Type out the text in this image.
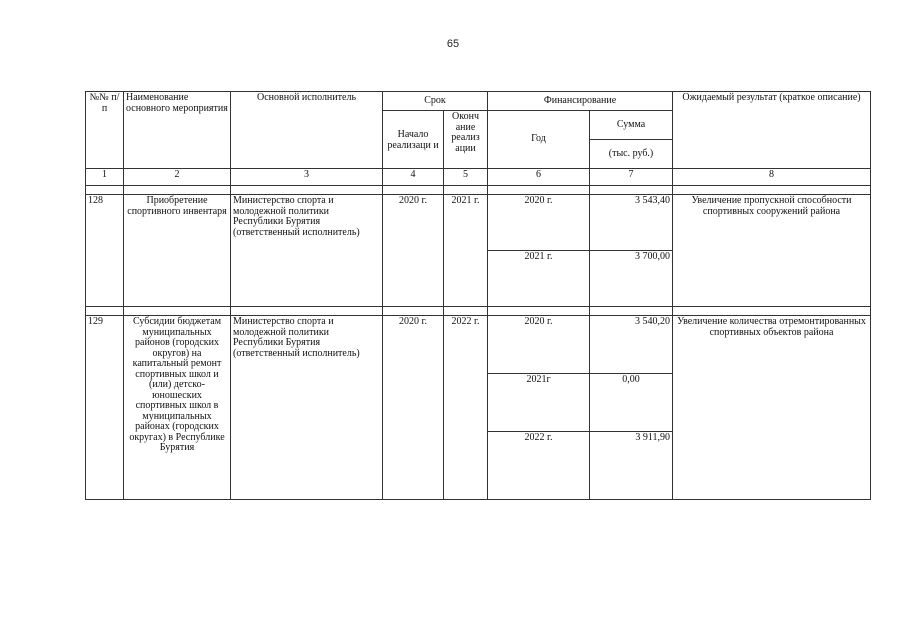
65
№№ п/п	Наименование основного мероприятия	Основной исполнитель	Срок		Финансирование		Ожидаемый результат (краткое описание)
			Начало реализаци и	Оконч ание реализ ации	Год	Сумма	
						(тыс. руб.)	
1	2	3	4	5	6	7	8

128	Приобретение спортивного инвентаря	Министерство спорта и молодежной политики Республики Бурятия (ответственный исполнитель)	2020 г.	2021 г.	2020 г.	3 543,40	Увеличение пропускной способности спортивных сооружений района
					2021 г.	3 700,00	

129	Субсидии бюджетам муниципальных районов (городских округов) на капитальный ремонт спортивных школ и (или) детско-юношеских спортивных школ в муниципальных районах (городских округах) в Республике Бурятия	Министерство спорта и молодежной политики Республики Бурятия (ответственный исполнитель)	2020 г.	2022 г.	2020 г.	3 540,20	Увеличение количества отремонтированных спортивных объектов района
					2021г	0,00	
					2022 г.	3 911,90	
